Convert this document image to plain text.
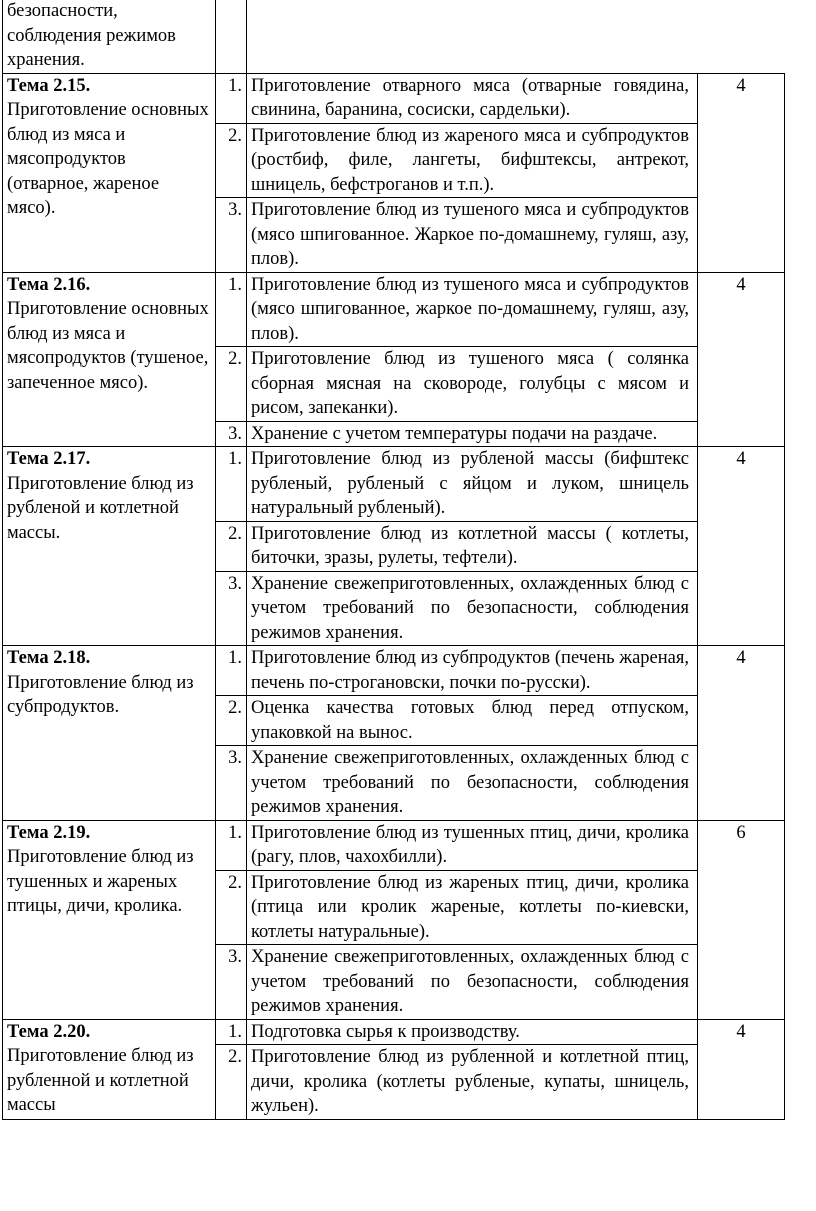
безопасности, соблюдения режимов хранения.			

Тема 2.15.
Приготовление основных блюд из мяса и мясопродуктов (отварное, жареное мясо).	1.	Приготовление отварного мяса (отварные говядина, свинина, баранина, сосиски, сардельки).	4
	2.	Приготовление блюд из жареного мяса и субпродуктов (ростбиф, филе, лангеты, бифштексы, антрекот, шницель, бефстроганов и т.п.).	
	3.	Приготовление блюд из тушеного мяса и субпродуктов (мясо шпигованное. Жаркое по-домашнему, гуляш, азу, плов).	

Тема 2.16.
Приготовление основных блюд из мяса и мясопродуктов (тушеное, запеченное мясо).	1.	Приготовление блюд из тушеного мяса и субпродуктов (мясо шпигованное, жаркое по-домашнему, гуляш, азу, плов).	4
	2.	Приготовление блюд из тушеного мяса ( солянка сборная мясная на сковороде, голубцы с мясом и рисом, запеканки).	
	3.	Хранение с учетом температуры подачи на раздаче.	

Тема 2.17.
Приготовление блюд из рубленой и котлетной массы.	1.	Приготовление блюд из рубленой массы (бифштекс рубленый, рубленый с яйцом и луком, шницель натуральный рубленый).	4
	2.	Приготовление блюд из котлетной массы ( котлеты, биточки, зразы, рулеты, тефтели).	
	3.	Хранение свежеприготовленных, охлажденных блюд с учетом требований по безопасности, соблюдения режимов хранения.	

Тема 2.18.
Приготовление блюд из субпродуктов.	1.	Приготовление блюд из субпродуктов (печень жареная, печень по-строгановски, почки по-русски).	4
	2.	Оценка качества готовых блюд перед отпуском, упаковкой на вынос.	
	3.	Хранение свежеприготовленных, охлажденных блюд с учетом требований по безопасности, соблюдения режимов хранения.	

Тема 2.19.
Приготовление блюд из тушенных и жареных птицы, дичи, кролика.	1.	Приготовление блюд из тушенных птиц, дичи, кролика (рагу, плов, чахохбилли).	6
	2.	Приготовление блюд из жареных птиц, дичи, кролика (птица или кролик жареные, котлеты по-киевски, котлеты натуральные).	
	3.	Хранение свежеприготовленных, охлажденных блюд с учетом требований по безопасности, соблюдения режимов хранения.	

Тема 2.20.
Приготовление блюд из рубленной и котлетной массы	1.	Подготовка сырья к производству.	4
	2.	Приготовление блюд из рубленной и котлетной птиц, дичи, кролика (котлеты рубленые, купаты, шницель, жульен).	
